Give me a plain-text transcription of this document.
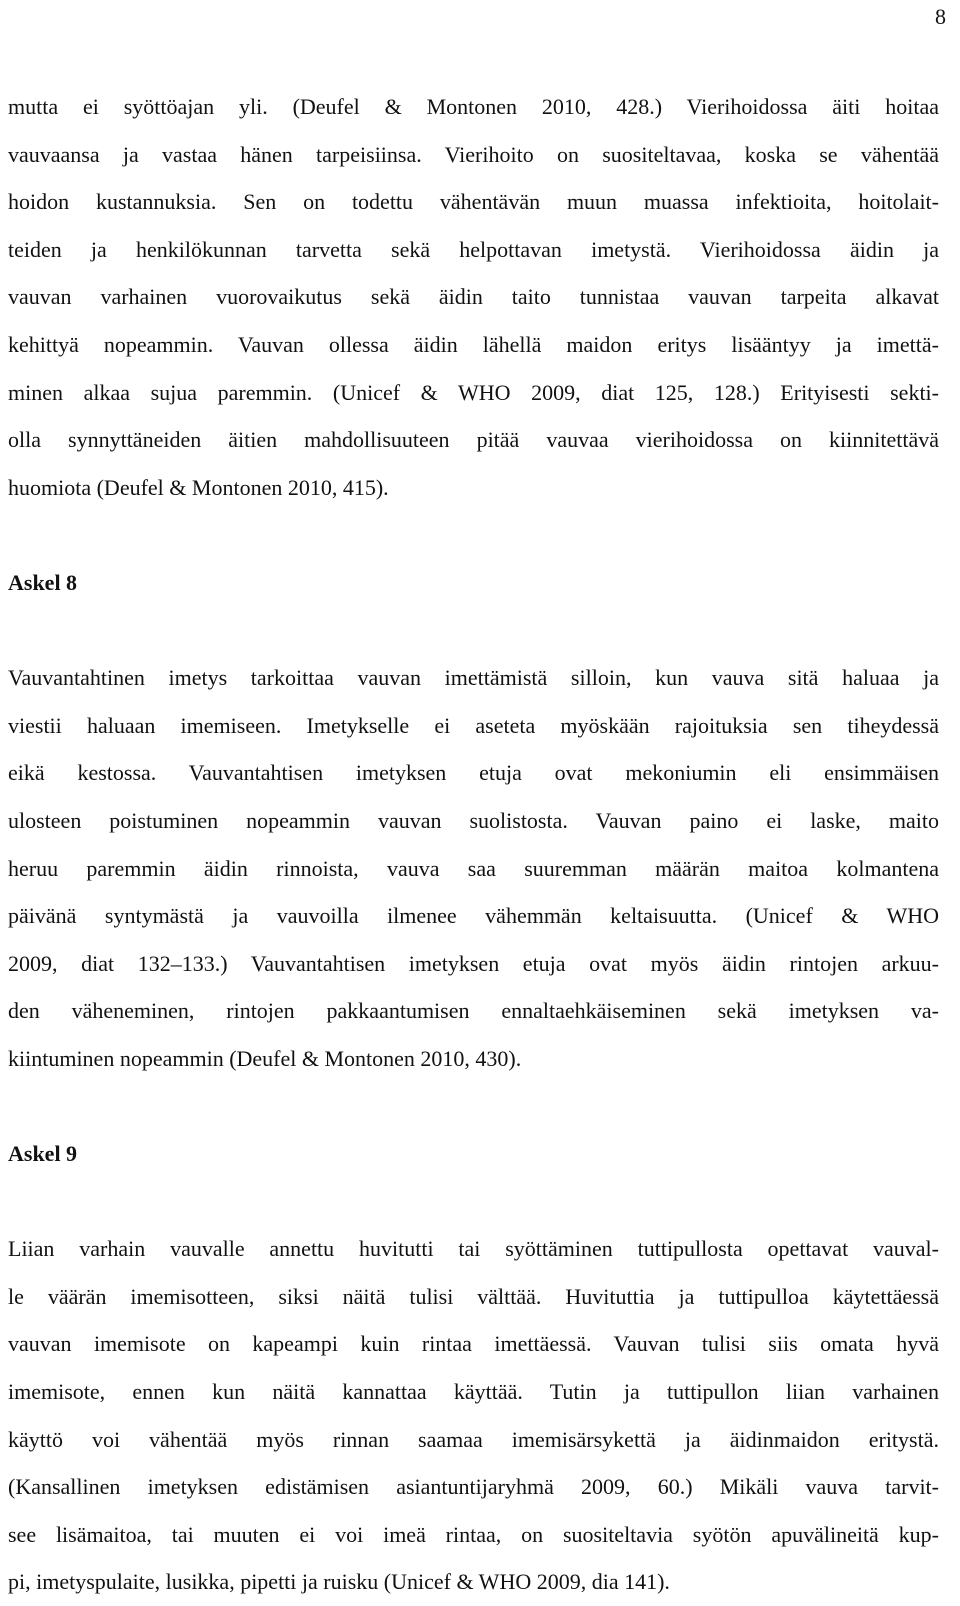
8

mutta ei syöttöajan yli. (Deufel & Montonen 2010, 428.) Vierihoidossa äiti hoitaa
vauvaansa ja vastaa hänen tarpeisiinsa. Vierihoito on suositeltavaa, koska se vähentää
hoidon kustannuksia. Sen on todettu vähentävän muun muassa infektioita, hoitolait-
teiden ja henkilökunnan tarvetta sekä helpottavan imetystä. Vierihoidossa äidin ja
vauvan varhainen vuorovaikutus sekä äidin taito tunnistaa vauvan tarpeita alkavat
kehittyä nopeammin. Vauvan ollessa äidin lähellä maidon eritys lisääntyy ja imettä-
minen alkaa sujua paremmin. (Unicef & WHO 2009, diat 125, 128.) Erityisesti sekti-
olla synnyttäneiden äitien mahdollisuuteen pitää vauvaa vierihoidossa on kiinnitettävä
huomiota (Deufel & Montonen 2010, 415).

Askel 8

Vauvantahtinen imetys tarkoittaa vauvan imettämistä silloin, kun vauva sitä haluaa ja
viestii haluaan imemiseen. Imetykselle ei aseteta myöskään rajoituksia sen tiheydessä
eikä kestossa. Vauvantahtisen imetyksen etuja ovat mekoniumin eli ensimmäisen
ulosteen poistuminen nopeammin vauvan suolistosta. Vauvan paino ei laske, maito
heruu paremmin äidin rinnoista, vauva saa suuremman määrän maitoa kolmantena
päivänä syntymästä ja vauvoilla ilmenee vähemmän keltaisuutta. (Unicef & WHO
2009, diat 132–133.) Vauvantahtisen imetyksen etuja ovat myös äidin rintojen arkuu-
den väheneminen, rintojen pakkaantumisen ennaltaehkäiseminen sekä imetyksen va-
kiintuminen nopeammin (Deufel & Montonen 2010, 430).

Askel 9

Liian varhain vauvalle annettu huvitutti tai syöttäminen tuttipullosta opettavat vauval-
le väärän imemisotteen, siksi näitä tulisi välttää. Huvituttia ja tuttipulloa käytettäessä
vauvan imemisote on kapeampi kuin rintaa imettäessä. Vauvan tulisi siis omata hyvä
imemisote, ennen kun näitä kannattaa käyttää. Tutin ja tuttipullon liian varhainen
käyttö voi vähentää myös rinnan saamaa imemisärsykettä ja äidinmaidon eritystä.
(Kansallinen imetyksen edistämisen asiantuntijaryhmä 2009, 60.) Mikäli vauva tarvit-
see lisämaitoa, tai muuten ei voi imeä rintaa, on suositeltavia syötön apuvälineitä kup-
pi, imetyspulaite, lusikka, pipetti ja ruisku (Unicef & WHO 2009, dia 141).
